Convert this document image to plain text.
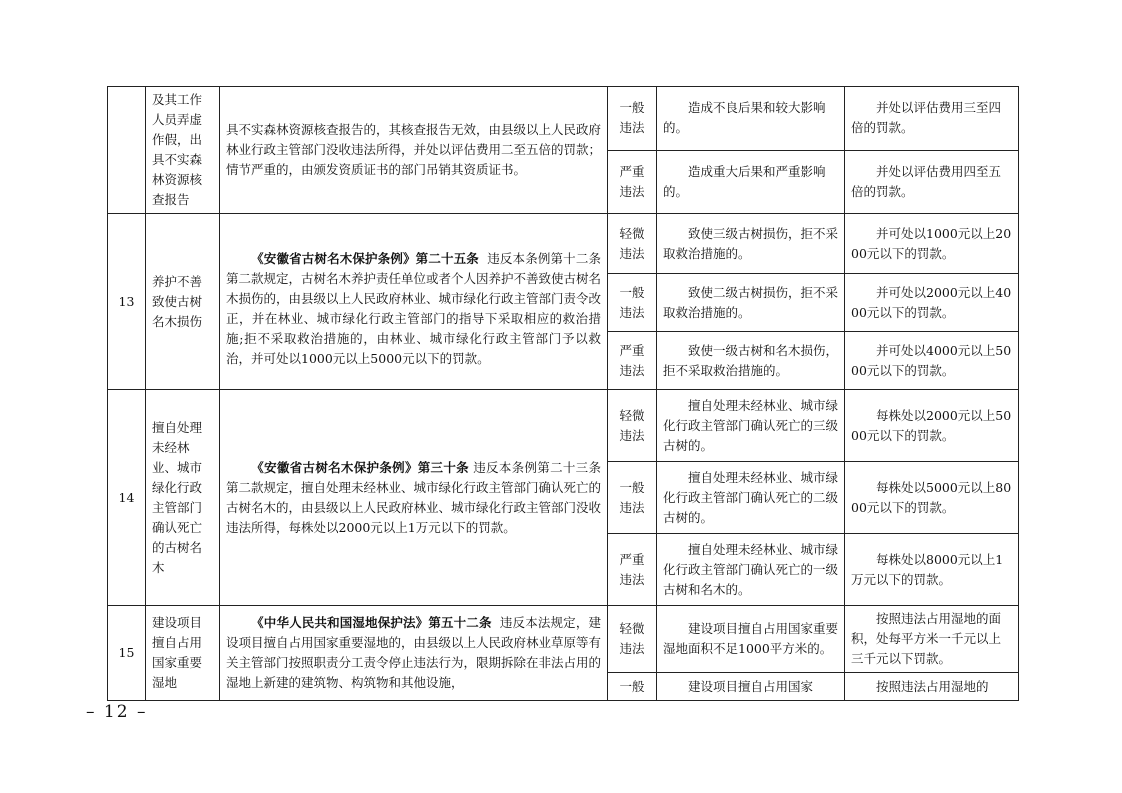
	及其工作人员弄虚作假，出具不实森林资源核查报告	具不实森林资源核查报告的，其核查报告无效，由县级以上人民政府林业行政主管部门没收违法所得，并处以评估费用二至五倍的罚款；情节严重的，由颁发资质证书的部门吊销其资质证书。	一般违法	造成不良后果和较大影响的。	并处以评估费用三至四倍的罚款。
			严重违法	造成重大后果和严重影响的。	并处以评估费用四至五倍的罚款。
13	养护不善致使古树名木损伤	《安徽省古树名木保护条例》第二十五条 违反本条例第十二条第二款规定，古树名木养护责任单位或者个人因养护不善致使古树名木损伤的，由县级以上人民政府林业、城市绿化行政主管部门责令改正，并在林业、城市绿化行政主管部门的指导下采取相应的救治措施;拒不采取救治措施的，由林业、城市绿化行政主管部门予以救治，并可处以1000元以上5000元以下的罚款。	轻微违法	致使三级古树损伤，拒不采取救治措施的。	并可处以1000元以上2000元以下的罚款。
			一般违法	致使二级古树损伤，拒不采取救治措施的。	并可处以2000元以上4000元以下的罚款。
			严重违法	致使一级古树和名木损伤，拒不采取救治措施的。	并可处以4000元以上5000元以下的罚款。
14	擅自处理未经林业、城市绿化行政主管部门确认死亡的古树名木	《安徽省古树名木保护条例》第三十条 违反本条例第二十三条第二款规定，擅自处理未经林业、城市绿化行政主管部门确认死亡的古树名木的，由县级以上人民政府林业、城市绿化行政主管部门没收违法所得，每株处以2000元以上1万元以下的罚款。	轻微违法	擅自处理未经林业、城市绿化行政主管部门确认死亡的三级古树的。	每株处以2000元以上5000元以下的罚款。
			一般违法	擅自处理未经林业、城市绿化行政主管部门确认死亡的二级古树的。	每株处以5000元以上8000元以下的罚款。
			严重违法	擅自处理未经林业、城市绿化行政主管部门确认死亡的一级古树和名木的。	每株处以8000元以上1万元以下的罚款。
15	建设项目擅自占用国家重要湿地	《中华人民共和国湿地保护法》第五十二条 违反本法规定，建设项目擅自占用国家重要湿地的，由县级以上人民政府林业草原等有关主管部门按照职责分工责令停止违法行为，限期拆除在非法占用的湿地上新建的建筑物、构筑物和其他设施，	轻微违法	建设项目擅自占用国家重要湿地面积不足1000平方米的。	按照违法占用湿地的面积，处每平方米一千元以上三千元以下罚款。
			一般	建设项目擅自占用国家	按照违法占用湿地的
– 12 –
